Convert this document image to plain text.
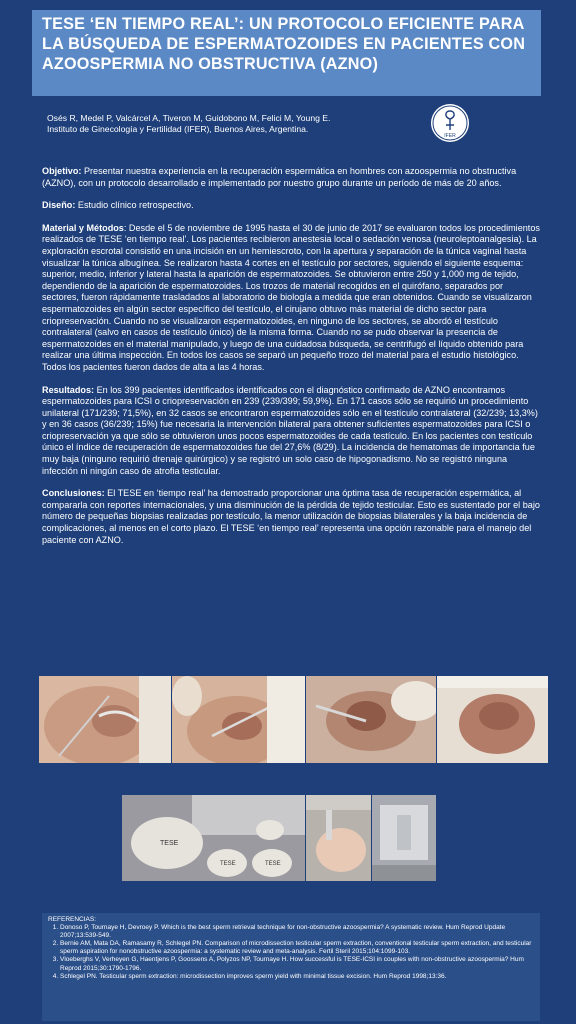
TESE ‘EN TIEMPO REAL’: UN PROTOCOLO EFICIENTE PARA LA BÚSQUEDA DE ESPERMATOZOIDES EN PACIENTES CON AZOOSPERMIA NO OBSTRUCTIVA (AZNO)
Osés R, Medel P, Valcárcel A, Tiveron M, Guidobono M, Felici M, Young E.
Instituto de Ginecología y Fertilidad (IFER), Buenos Aires, Argentina.
IFER

Objetivo: Presentar nuestra experiencia en la recuperación espermática en hombres con azoospermia no obstructiva (AZNO), con un protocolo desarrollado e implementado por nuestro grupo durante un período de más de 20 años.

Diseño: Estudio clínico retrospectivo.

Material y Métodos: Desde el 5 de noviembre de 1995 hasta el 30 de junio de 2017 se evaluaron todos los procedimientos realizados de TESE ‘en tiempo real’. Los pacientes recibieron anestesia local o sedación venosa (neuroleptoanalgesia). La exploración escrotal consistió en una incisión en un hemiescroto, con la apertura y separación de la túnica vaginal hasta visualizar la túnica albugínea. Se realizaron hasta 4 cortes en el testículo por sectores, siguiendo el siguiente esquema: superior, medio, inferior y lateral hasta la aparición de espermatozoides. Se obtuvieron entre 250 y 1,000 mg de tejido, dependiendo de la aparición de espermatozoides. Los trozos de material recogidos en el quirófano, separados por sectores, fueron rápidamente trasladados al laboratorio de biología a medida que eran obtenidos. Cuando se visualizaron espermatozoides en algún sector específico del testículo, el cirujano obtuvo más material de dicho sector para criopreservación. Cuando no se visualizaron espermatozoides, en ninguno de los sectores, se abordó el testículo contralateral (salvo en casos de testículo único) de la misma forma. Cuando no se pudo observar la presencia de espermatozoides en el material manipulado, y luego de una cuidadosa búsqueda, se centrifugó el líquido obtenido para realizar una última inspección. En todos los casos se separó un pequeño trozo del material para el estudio histológico. Todos los pacientes fueron dados de alta a las 4 horas.

Resultados: En los 399 pacientes identificados identificados con el diagnóstico confirmado de AZNO encontramos espermatozoides para ICSI o criopreservación en 239 (239/399; 59,9%). En 171 casos sólo se requirió un procedimiento unilateral (171/239; 71,5%), en 32 casos se encontraron espermatozoides sólo en el testículo contralateral (32/239; 13,3%) y en 36 casos (36/239; 15%) fue necesaria la intervención bilateral para obtener suficientes espermatozoides para ICSI o criopreservación ya que sólo se obtuvieron unos pocos espermatozoides de cada testículo. En los pacientes con testículo único el índice de recuperación de espermatozoides fue del 27,6% (8/29). La incidencia de hematomas de importancia fue muy baja (ninguno requirió drenaje quirúrgico) y se registró un solo caso de hipogonadismo. No se registró ninguna infección ni ningún caso de atrofia testicular.

Conclusiones: El TESE en ‘tiempo real’ ha demostrado proporcionar una óptima tasa de recuperación espermática, al compararla con reportes internacionales, y una disminución de la pérdida de tejido testicular. Esto es sustentado por el bajo número de pequeñas biopsias realizadas por testículo, la menor utilización de biopsias bilaterales y la baja incidencia de complicaciones, al menos en el corto plazo. El TESE ‘en tiempo real’ representa una opción razonable para el manejo del paciente con AZNO.

TESE
TESE	TESE
REFERENCIAS:
1. Donoso P, Tournaye H, Devroey P. Which is the best sperm retrieval technique for non-obstructive azoospermia? A systematic review. Hum Reprod Update 2007;13:539-549.
2. Bernie AM, Mata DA, Ramasamy R, Schlegel PN. Comparison of microdissection testicular sperm extraction, conventional testicular sperm extraction, and testicular sperm aspiration for nonobstructive azoospermia: a systematic review and meta-analysis. Fertil Steril 2015;104:1099-103.
3. Vloeberghs V, Verheyen G, Haentjens P, Goossens A, Polyzos NP, Tournaye H. How successful is TESE-ICSI in couples with non-obstructive azoospermia? Hum Reprod 2015;30:1790-1796.
4. Schlegel PN. Testicular sperm extraction: microdissection improves sperm yield with minimal tissue excision. Hum Reprod 1998;13:36.
